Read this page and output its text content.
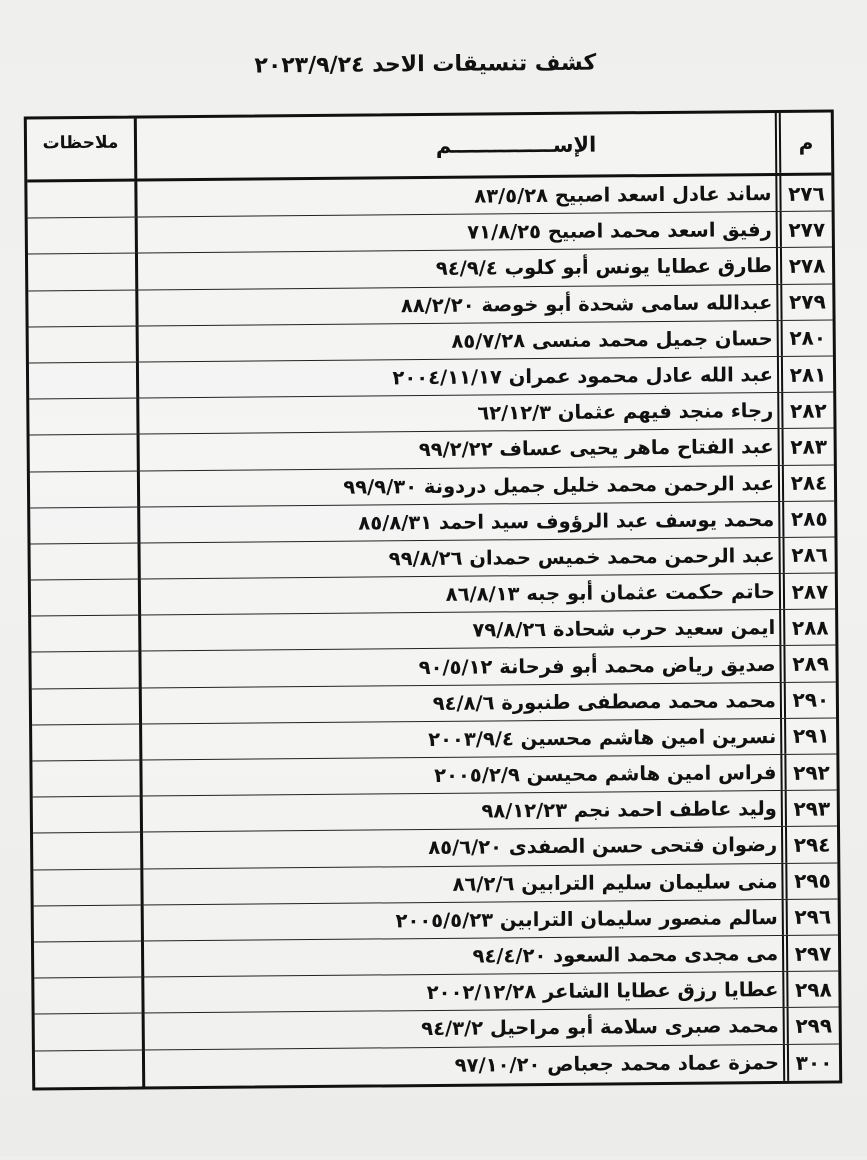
كشف تنسيقات الاحد ٢٠٢٣/٩/٢٤
م
الإســــــــــــــم
ملاحظات
٢٧٦
ساند عادل اسعد اصبيح ٨٣/٥/٢٨
٢٧٧
رفيق اسعد محمد اصبيح ٧١/٨/٢٥
٢٧٨
طارق عطايا يونس أبو كلوب ٩٤/٩/٤
٢٧٩
عبدالله سامى شحدة أبو خوصة ٨٨/٢/٢٠
٢٨٠
حسان جميل محمد منسى ٨٥/٧/٢٨
٢٨١
عبد الله عادل محمود عمران ٢٠٠٤/١١/١٧
٢٨٢
رجاء منجد فيهم عثمان ٦٢/١٢/٣
٢٨٣
عبد الفتاح ماهر يحيى عساف ٩٩/٢/٢٢
٢٨٤
عبد الرحمن محمد خليل جميل دردونة ٩٩/٩/٣٠
٢٨٥
محمد يوسف عبد الرؤوف سيد احمد ٨٥/٨/٣١
٢٨٦
عبد الرحمن محمد خميس حمدان ٩٩/٨/٢٦
٢٨٧
حاتم حكمت عثمان أبو جبه ٨٦/٨/١٣
٢٨٨
ايمن سعيد حرب شحادة ٧٩/٨/٢٦
٢٨٩
صديق رياض محمد أبو فرحانة ٩٠/٥/١٢
٢٩٠
محمد محمد مصطفى طنبورة ٩٤/٨/٦
٢٩١
نسرين امين هاشم محسين ٢٠٠٣/٩/٤
٢٩٢
فراس امين هاشم محيسن ٢٠٠٥/٢/٩
٢٩٣
وليد عاطف احمد نجم ٩٨/١٢/٢٣
٢٩٤
رضوان فتحى حسن الصفدى ٨٥/٦/٢٠
٢٩٥
منى سليمان سليم الترابين ٨٦/٢/٦
٢٩٦
سالم منصور سليمان الترابين ٢٠٠٥/٥/٢٣
٢٩٧
مى مجدى محمد السعود ٩٤/٤/٢٠
٢٩٨
عطايا رزق عطايا الشاعر ٢٠٠٢/١٢/٢٨
٢٩٩
محمد صبرى سلامة أبو مراحيل ٩٤/٣/٢
٣٠٠
حمزة عماد محمد جعباص ٩٧/١٠/٢٠
